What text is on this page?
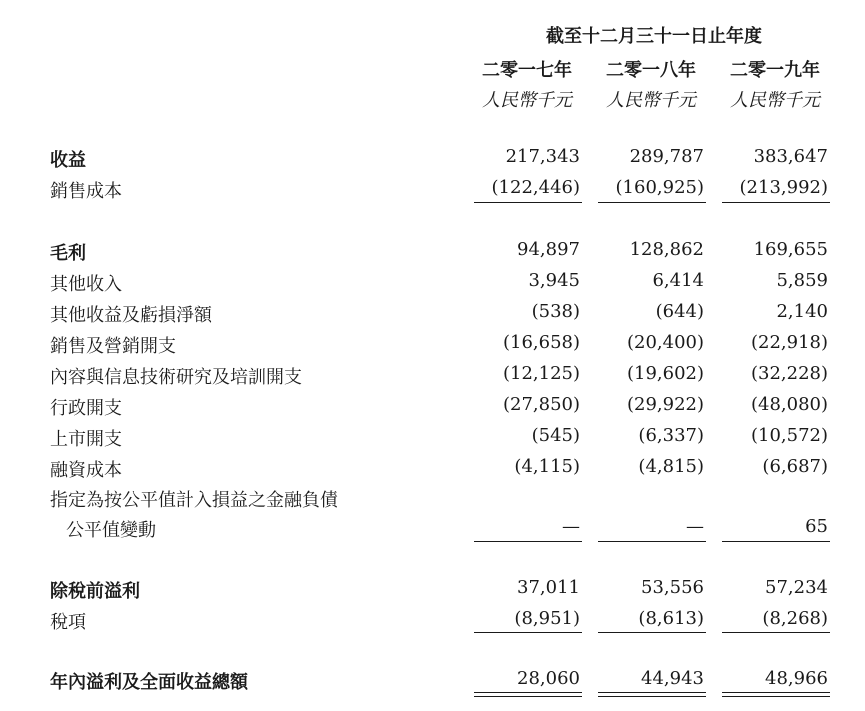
截至十二月三十一日止年度
二零一七年	二零一八年	二零一九年
人民幣千元	人民幣千元	人民幣千元
收益	217,343	289,787	383,647
銷售成本	(122,446)	(160,925)	(213,992)
毛利	94,897	128,862	169,655
其他收入	3,945	6,414	5,859
其他收益及虧損淨額	(538)	(644)	2,140
銷售及營銷開支	(16,658)	(20,400)	(22,918)
內容與信息技術研究及培訓開支	(12,125)	(19,602)	(32,228)
行政開支	(27,850)	(29,922)	(48,080)
上市開支	(545)	(6,337)	(10,572)
融資成本	(4,115)	(4,815)	(6,687)
指定為按公平值計入損益之金融負債
公平值變動	—	—	65
除稅前溢利	37,011	53,556	57,234
稅項	(8,951)	(8,613)	(8,268)
年內溢利及全面收益總額	28,060	44,943	48,966
